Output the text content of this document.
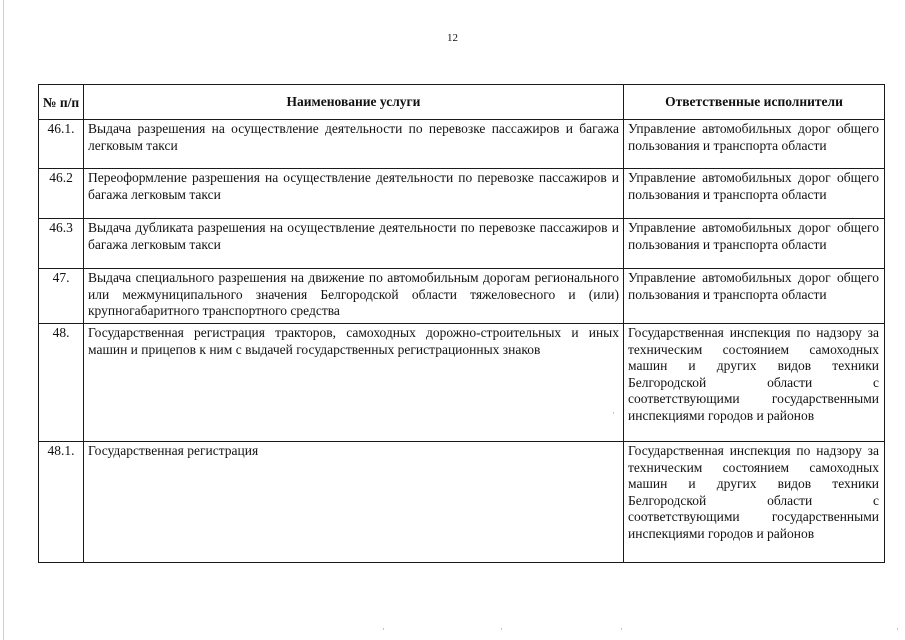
12
№ п/п	Наименование услуги	Ответственные исполнители
46.1.	Выдача разрешения на осуществление деятельности по перевозке пассажиров и багажа легковым такси	Управление автомобильных дорог общего пользования и транспорта области
46.2	Переоформление разрешения на осуществление деятельности по перевозке пассажиров и багажа легковым такси	Управление автомобильных дорог общего пользования и транспорта области
46.3	Выдача дубликата разрешения на осуществление деятельности по перевозке пассажиров и багажа легковым такси	Управление автомобильных дорог общего пользования и транспорта области
47.	Выдача специального разрешения на движение по автомобильным дорогам регионального или межмуниципального значения Белгородской области тяжеловесного и (или) крупногабаритного транспортного средства	Управление автомобильных дорог общего пользования и транспорта области
48.	Государственная регистрация тракторов, самоходных дорожно-строительных и иных машин и прицепов к ним с выдачей государственных регистрационных знаков	Государственная инспекция по надзору за техническим состоянием самоходных машин и других видов техники Белгородской области с соответствующими государственными инспекциями городов и районов
48.1.	Государственная регистрация	Государственная инспекция по надзору за техническим состоянием самоходных машин и других видов техники Белгородской области с соответствующими государственными инспекциями городов и районов
·
·	·	·	·
